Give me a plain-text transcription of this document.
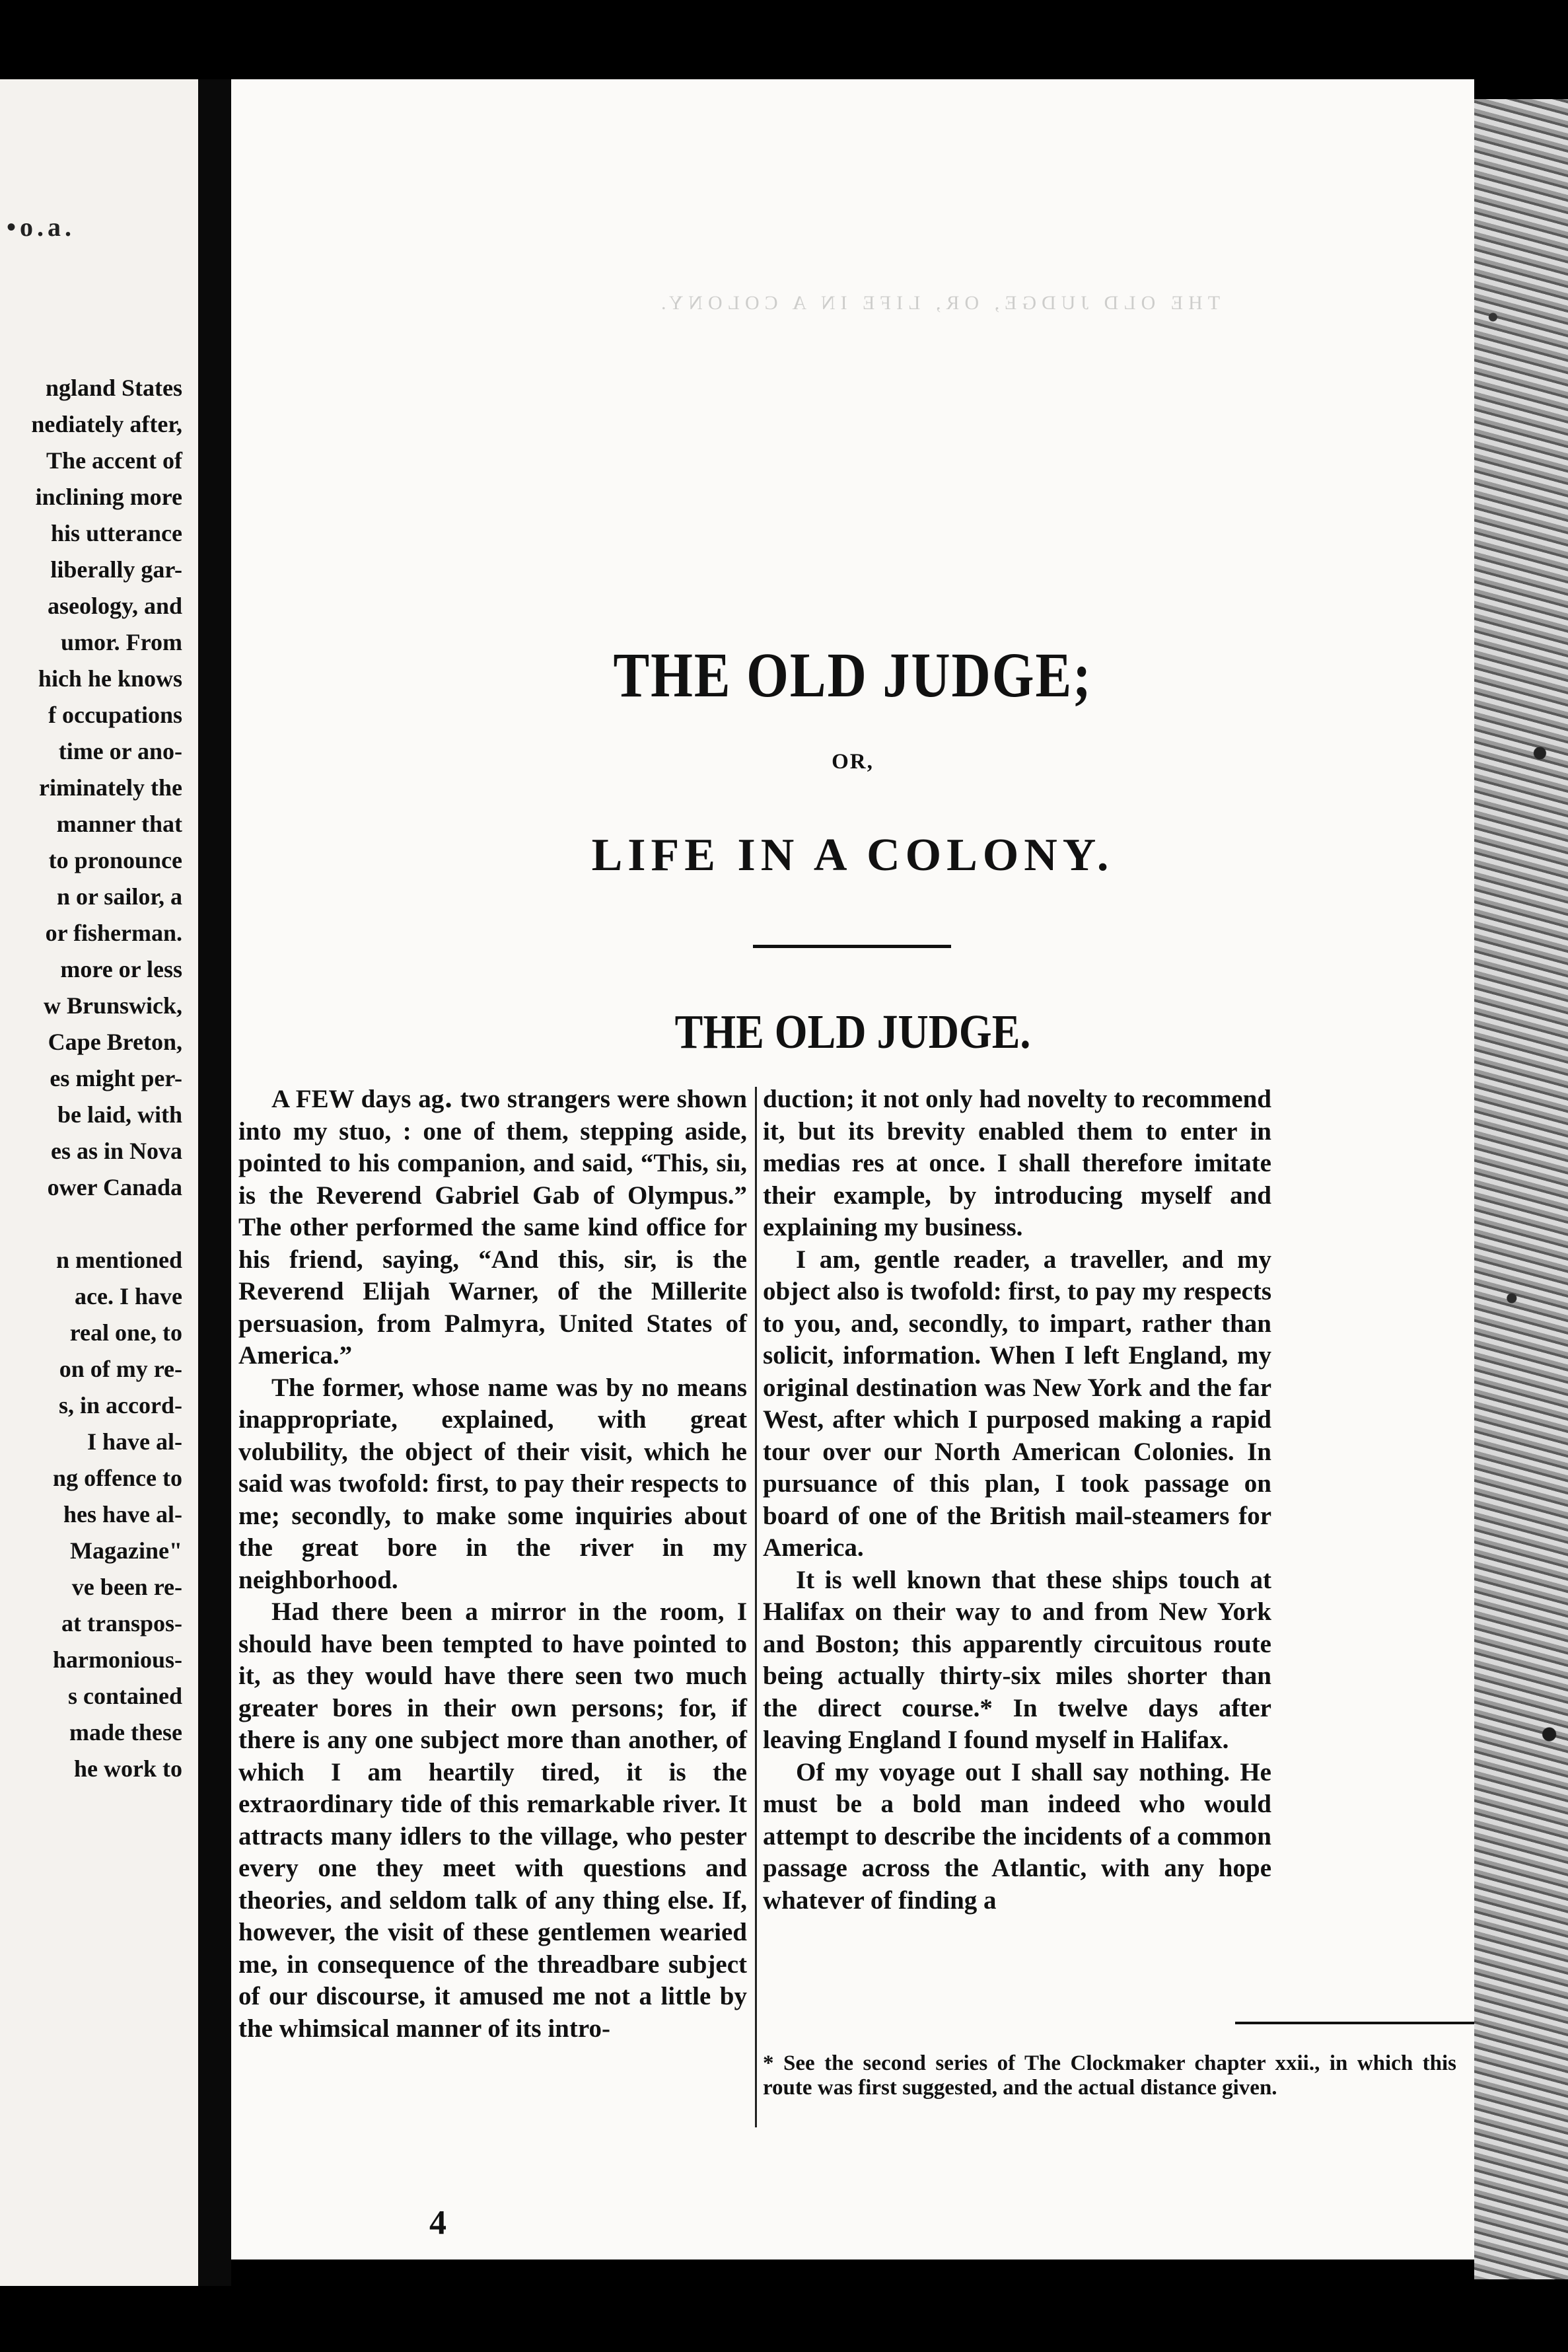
•o.a.
ngland States
nediately after,
The accent of
inclining more
his utterance
liberally gar-
aseology, and
umor. From
hich he knows
f occupations
time or ano-
riminately the
manner that
to pronounce
n or sailor, a
or fisherman.
more or less
w Brunswick,
Cape Breton,
es might per-
be laid, with
es as in Nova
ower Canada

n mentioned
ace. I have
real one, to
on of my re-
s, in accord-
I have al-
ng offence to
hes have al-
Magazine"
ve been re-
at transpos-
harmonious-
s contained
made these
he work to
THE OLD JUDGE, OR, LIFE IN A COLONY.
THE OLD JUDGE;
OR,
LIFE IN A COLONY.
THE OLD JUDGE.

A FEW days ag․ two strangers were shown into my stuo, : one of them, stepping aside, pointed to his companion, and said, “This, siı, is the Reverend Gabriel Gab of Olympus.” The other performed the same kind office for his friend, saying, “And this, sir, is the Reverend Elijah Warner, of the Millerite persuasion, from Palmyra, United States of America.”

The former, whose name was by no means inappropriate, explained, with great volubility, the object of their visit, which he said was twofold: first, to pay their respects to me; secondly, to make some inquiries about the great bore in the river in my neighborhood.

Had there been a mirror in the room, I should have been tempted to have pointed to it, as they would have there seen two much greater bores in their own persons; for, if there is any one subject more than another, of which I am heartily tired, it is the extraordinary tide of this remarkable river. It attracts many idlers to the village, who pester every one they meet with questions and theories, and seldom talk of any thing else. If, however, the visit of these gentlemen wearied me, in consequence of the threadbare subject of our discourse, it amused me not a little by the whimsical manner of its intro-

duction; it not only had novelty to recommend it, but its brevity enabled them to enter in medias res at once. I shall therefore imitate their example, by introducing myself and explaining my business.

I am, gentle reader, a traveller, and my object also is twofold: first, to pay my respects to you, and, secondly, to impart, rather than solicit, information. When I left England, my original destination was New York and the far West, after which I purposed making a rapid tour over our North American Colonies. In pursuance of this plan, I took passage on board of one of the British mail-steamers for America.

It is well known that these ships touch at Halifax on their way to and from New York and Boston; this apparently circuitous route being actually thirty-six miles shorter than the direct course.* In twelve days after leaving England I found myself in Halifax.

Of my voyage out I shall say nothing. He must be a bold man indeed who would attempt to describe the incidents of a common passage across the Atlantic, with any hope whatever of finding a

* See the second series of The Clockmaker chapter xxii., in which this route was first suggested, and the actual distance given.

4
